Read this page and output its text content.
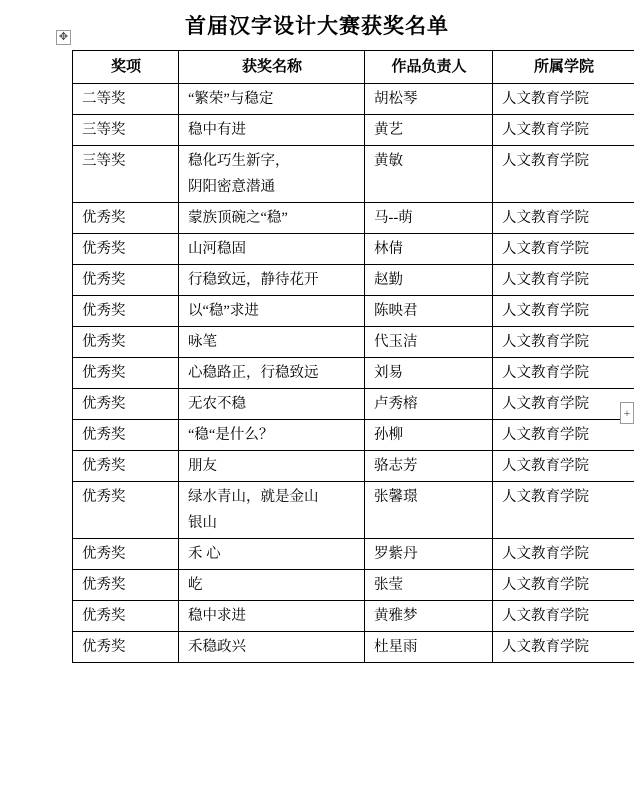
首届汉字设计大赛获奖名单
✥
+
奖项	获奖名称	作品负责人	所属学院
二等奖	“繁荣”与稳定	胡松琴	人文教育学院
三等奖	稳中有进	黄艺	人文教育学院
三等奖	稳化巧生新字，
阴阳密意潜通	黄敏	人文教育学院
优秀奖	蒙族顶碗之“稳”	马--萌	人文教育学院
优秀奖	山河稳固	林倩	人文教育学院
优秀奖	行稳致远，静待花开	赵勤	人文教育学院
优秀奖	以“稳”求进	陈映君	人文教育学院
优秀奖	咏笔	代玉洁	人文教育学院
优秀奖	心稳路正，行稳致远	刘易	人文教育学院
优秀奖	无农不稳	卢秀榕	人文教育学院
优秀奖	“稳“是什么？	孙柳	人文教育学院
优秀奖	朋友	骆志芳	人文教育学院
优秀奖	绿水青山，就是金山
银山	张馨璟	人文教育学院
优秀奖	禾 心	罗紫丹	人文教育学院
优秀奖	屹	张莹	人文教育学院
优秀奖	稳中求进	黄雅梦	人文教育学院
优秀奖	禾稳政兴	杜星雨	人文教育学院
